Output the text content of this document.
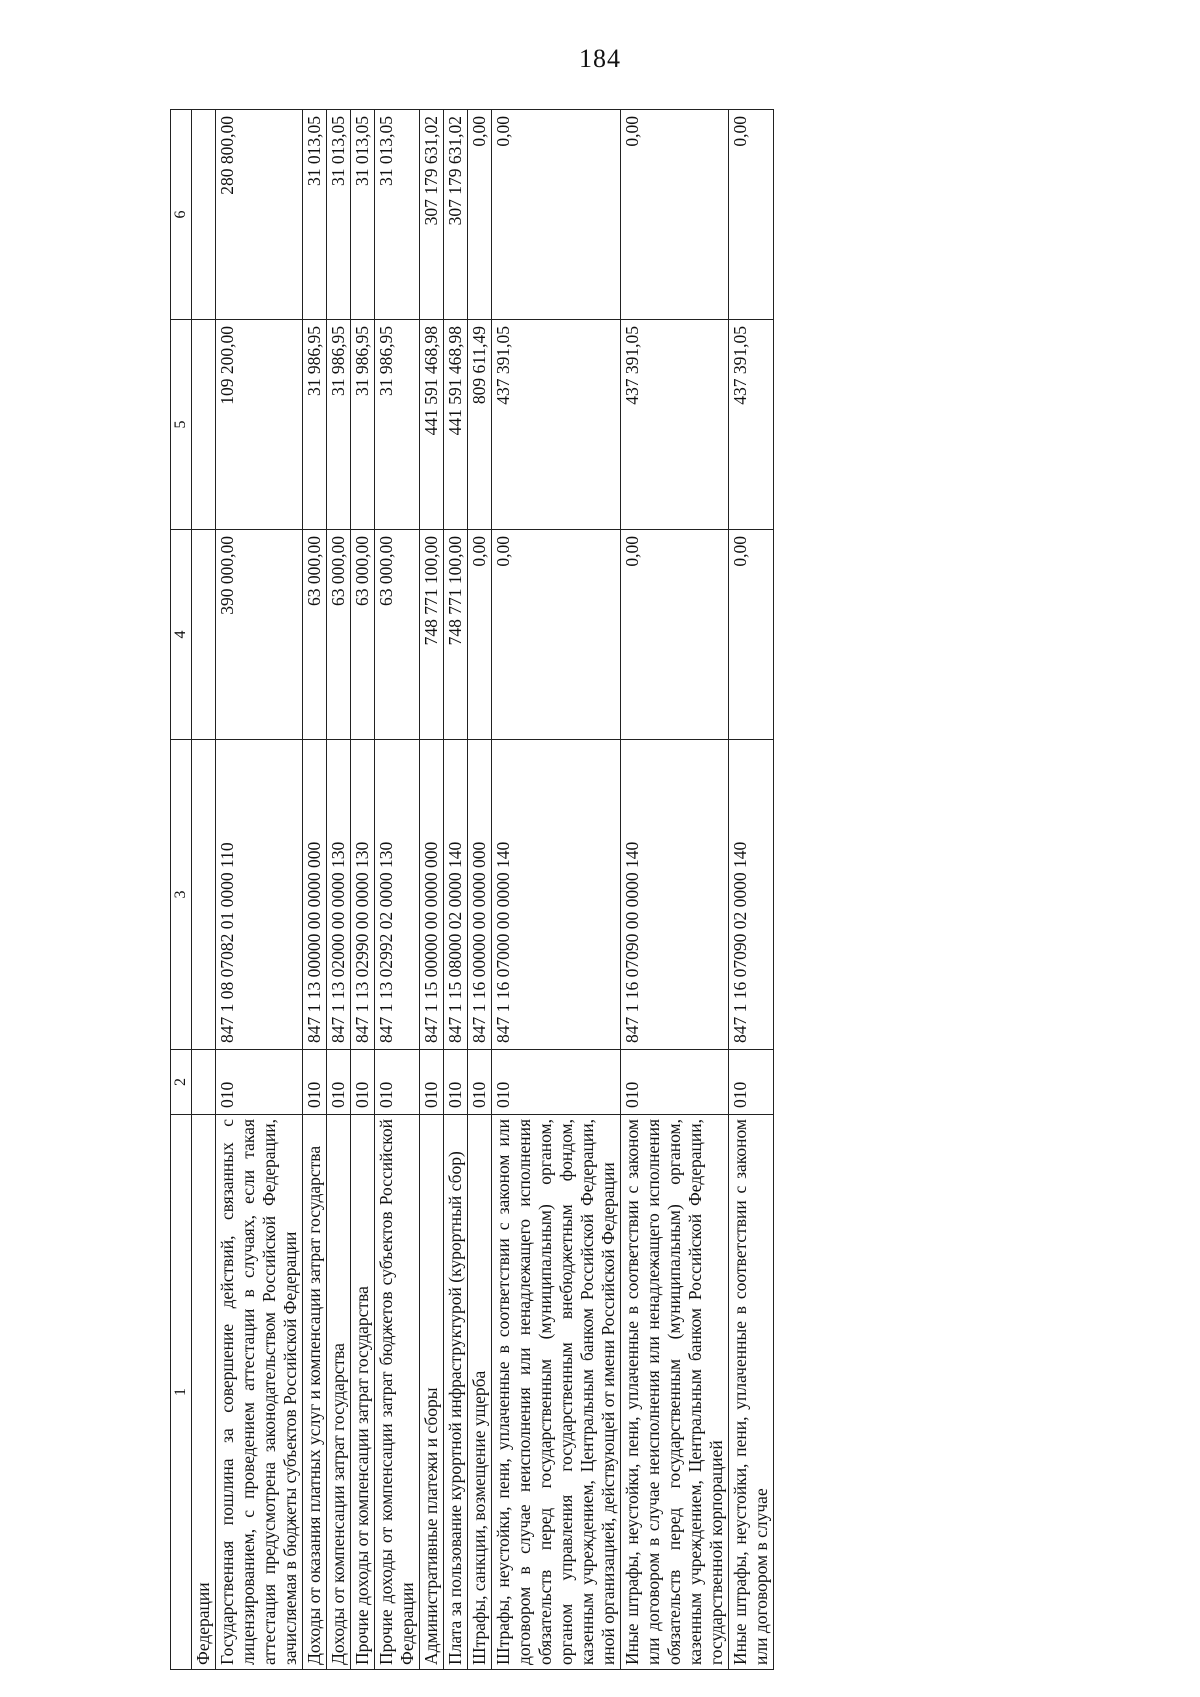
184
1	2	3	4	5	6
Федерации					
Государственная пошлина за совершение действий, связанных с лицензированием, с проведением аттестации в случаях, если такая аттестация предусмотрена законодательством Российской Федерации, зачисляемая в бюджеты субъектов Российской Федерации	010	847 1 08 07082 01 0000 110	390 000,00	109 200,00	280 800,00
Доходы от оказания платных услуг и компенсации затрат государства	010	847 1 13 00000 00 0000 000	63 000,00	31 986,95	31 013,05
Доходы от компенсации затрат государства	010	847 1 13 02000 00 0000 130	63 000,00	31 986,95	31 013,05
Прочие доходы от компенсации затрат государства	010	847 1 13 02990 00 0000 130	63 000,00	31 986,95	31 013,05
Прочие доходы от компенсации затрат бюджетов субъектов Российской Федерации	010	847 1 13 02992 02 0000 130	63 000,00	31 986,95	31 013,05
Административные платежи и сборы	010	847 1 15 00000 00 0000 000	748 771 100,00	441 591 468,98	307 179 631,02
Плата за пользование курортной инфраструктурой (курортный сбор)	010	847 1 15 08000 02 0000 140	748 771 100,00	441 591 468,98	307 179 631,02
Штрафы, санкции, возмещение ущерба	010	847 1 16 00000 00 0000 000	0,00	809 611,49	0,00
Штрафы, неустойки, пени, уплаченные в соответствии с законом или договором в случае неисполнения или ненадлежащего исполнения обязательств перед государственным (муниципальным) органом, органом управления государственным внебюджетным фондом, казенным учреждением, Центральным банком Российской Федерации, иной организацией, действующей от имени Российской Федерации	010	847 1 16 07000 00 0000 140	0,00	437 391,05	0,00
Иные штрафы, неустойки, пени, уплаченные в соответствии с законом или договором в случае неисполнения или ненадлежащего исполнения обязательств перед государственным (муниципальным) органом, казенным учреждением, Центральным банком Российской Федерации, государственной корпорацией	010	847 1 16 07090 00 0000 140	0,00	437 391,05	0,00
Иные штрафы, неустойки, пени, уплаченные в соответствии с законом или договором в случае	010	847 1 16 07090 02 0000 140	0,00	437 391,05	0,00
